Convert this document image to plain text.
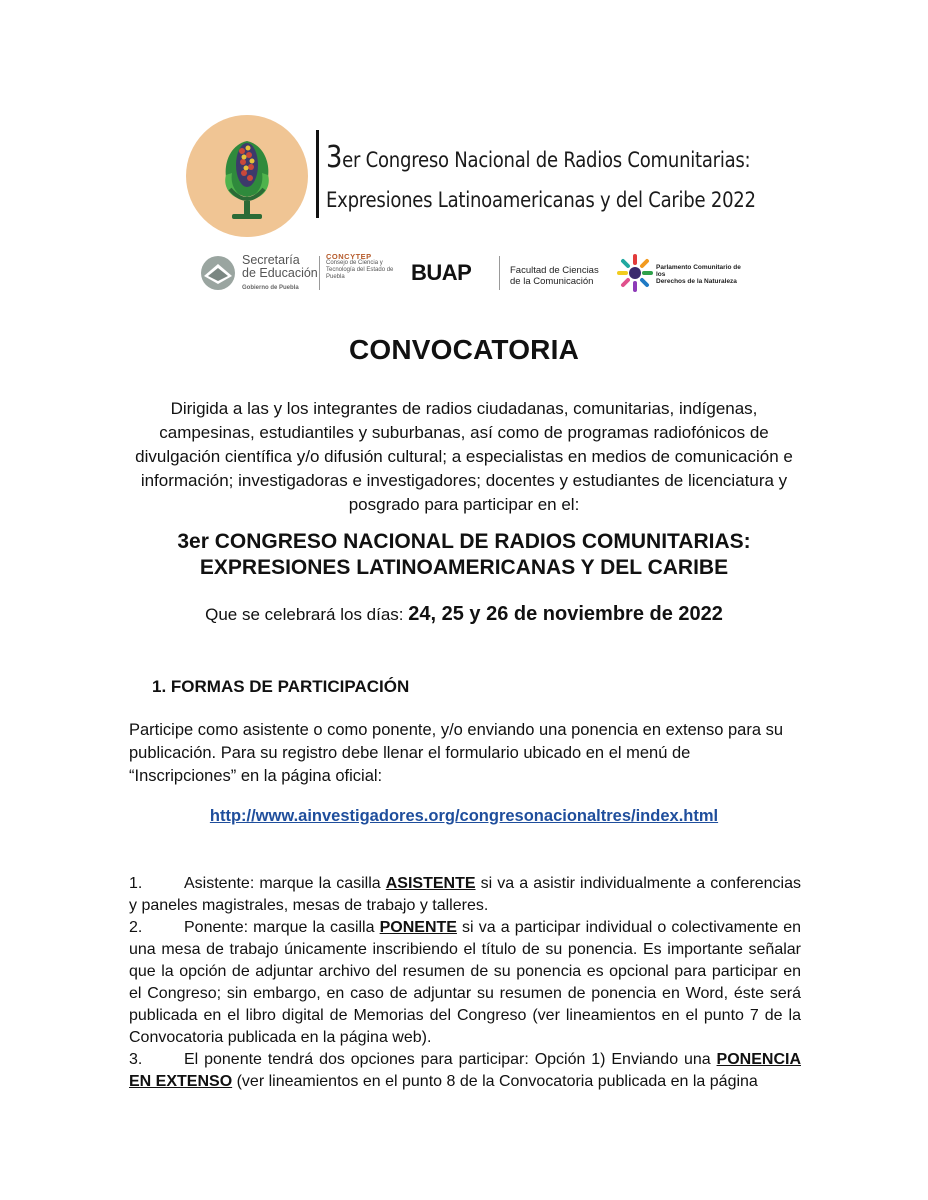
3er Congreso Nacional de Radios Comunitarias:
Expresiones Latinoamericanas y del Caribe 2022
Secretaría
de Educación
Gobierno de Puebla
CONCYTEP
Consejo de Ciencia y Tecnología del Estado de Puebla	BUAP	Facultad de Ciencias
de la Comunicación
Parlamento Comunitario de los
Derechos de la Naturaleza
CONVOCATORIA
Dirigida a las y los integrantes de radios ciudadanas, comunitarias, indígenas, campesinas, estudiantiles y suburbanas, así como de programas radiofónicos de divulgación científica y/o difusión cultural; a especialistas en medios de comunicación e información; investigadoras e investigadores; docentes y estudiantes de licenciatura y posgrado para participar en el:
3er CONGRESO NACIONAL DE RADIOS COMUNITARIAS:
EXPRESIONES LATINOAMERICANAS Y DEL CARIBE
Que se celebrará los días: 24, 25 y 26 de noviembre de 2022
1. FORMAS DE PARTICIPACIÓN
Participe como asistente o como ponente, y/o enviando una ponencia en extenso para su publicación. Para su registro debe llenar el formulario ubicado en el menú de “Inscripciones” en la página oficial:
http://www.ainvestigadores.org/congresonacionaltres/index.html

1.	Asistente: marque la casilla ASISTENTE si va a asistir individualmente a conferencias y paneles magistrales, mesas de trabajo y talleres.

2.	Ponente: marque la casilla PONENTE si va a participar individual o colectivamente en una mesa de trabajo únicamente inscribiendo el título de su ponencia. Es importante señalar que la opción de adjuntar archivo del resumen de su ponencia es opcional para participar en el Congreso; sin embargo, en caso de adjuntar su resumen de ponencia en Word, éste será publicada en el libro digital de Memorias del Congreso (ver lineamientos en el punto 7 de la Convocatoria publicada en la página web).

3.	El ponente tendrá dos opciones para participar: Opción 1) Enviando una PONENCIA EN EXTENSO (ver lineamientos en el punto 8 de la Convocatoria publicada en la página
